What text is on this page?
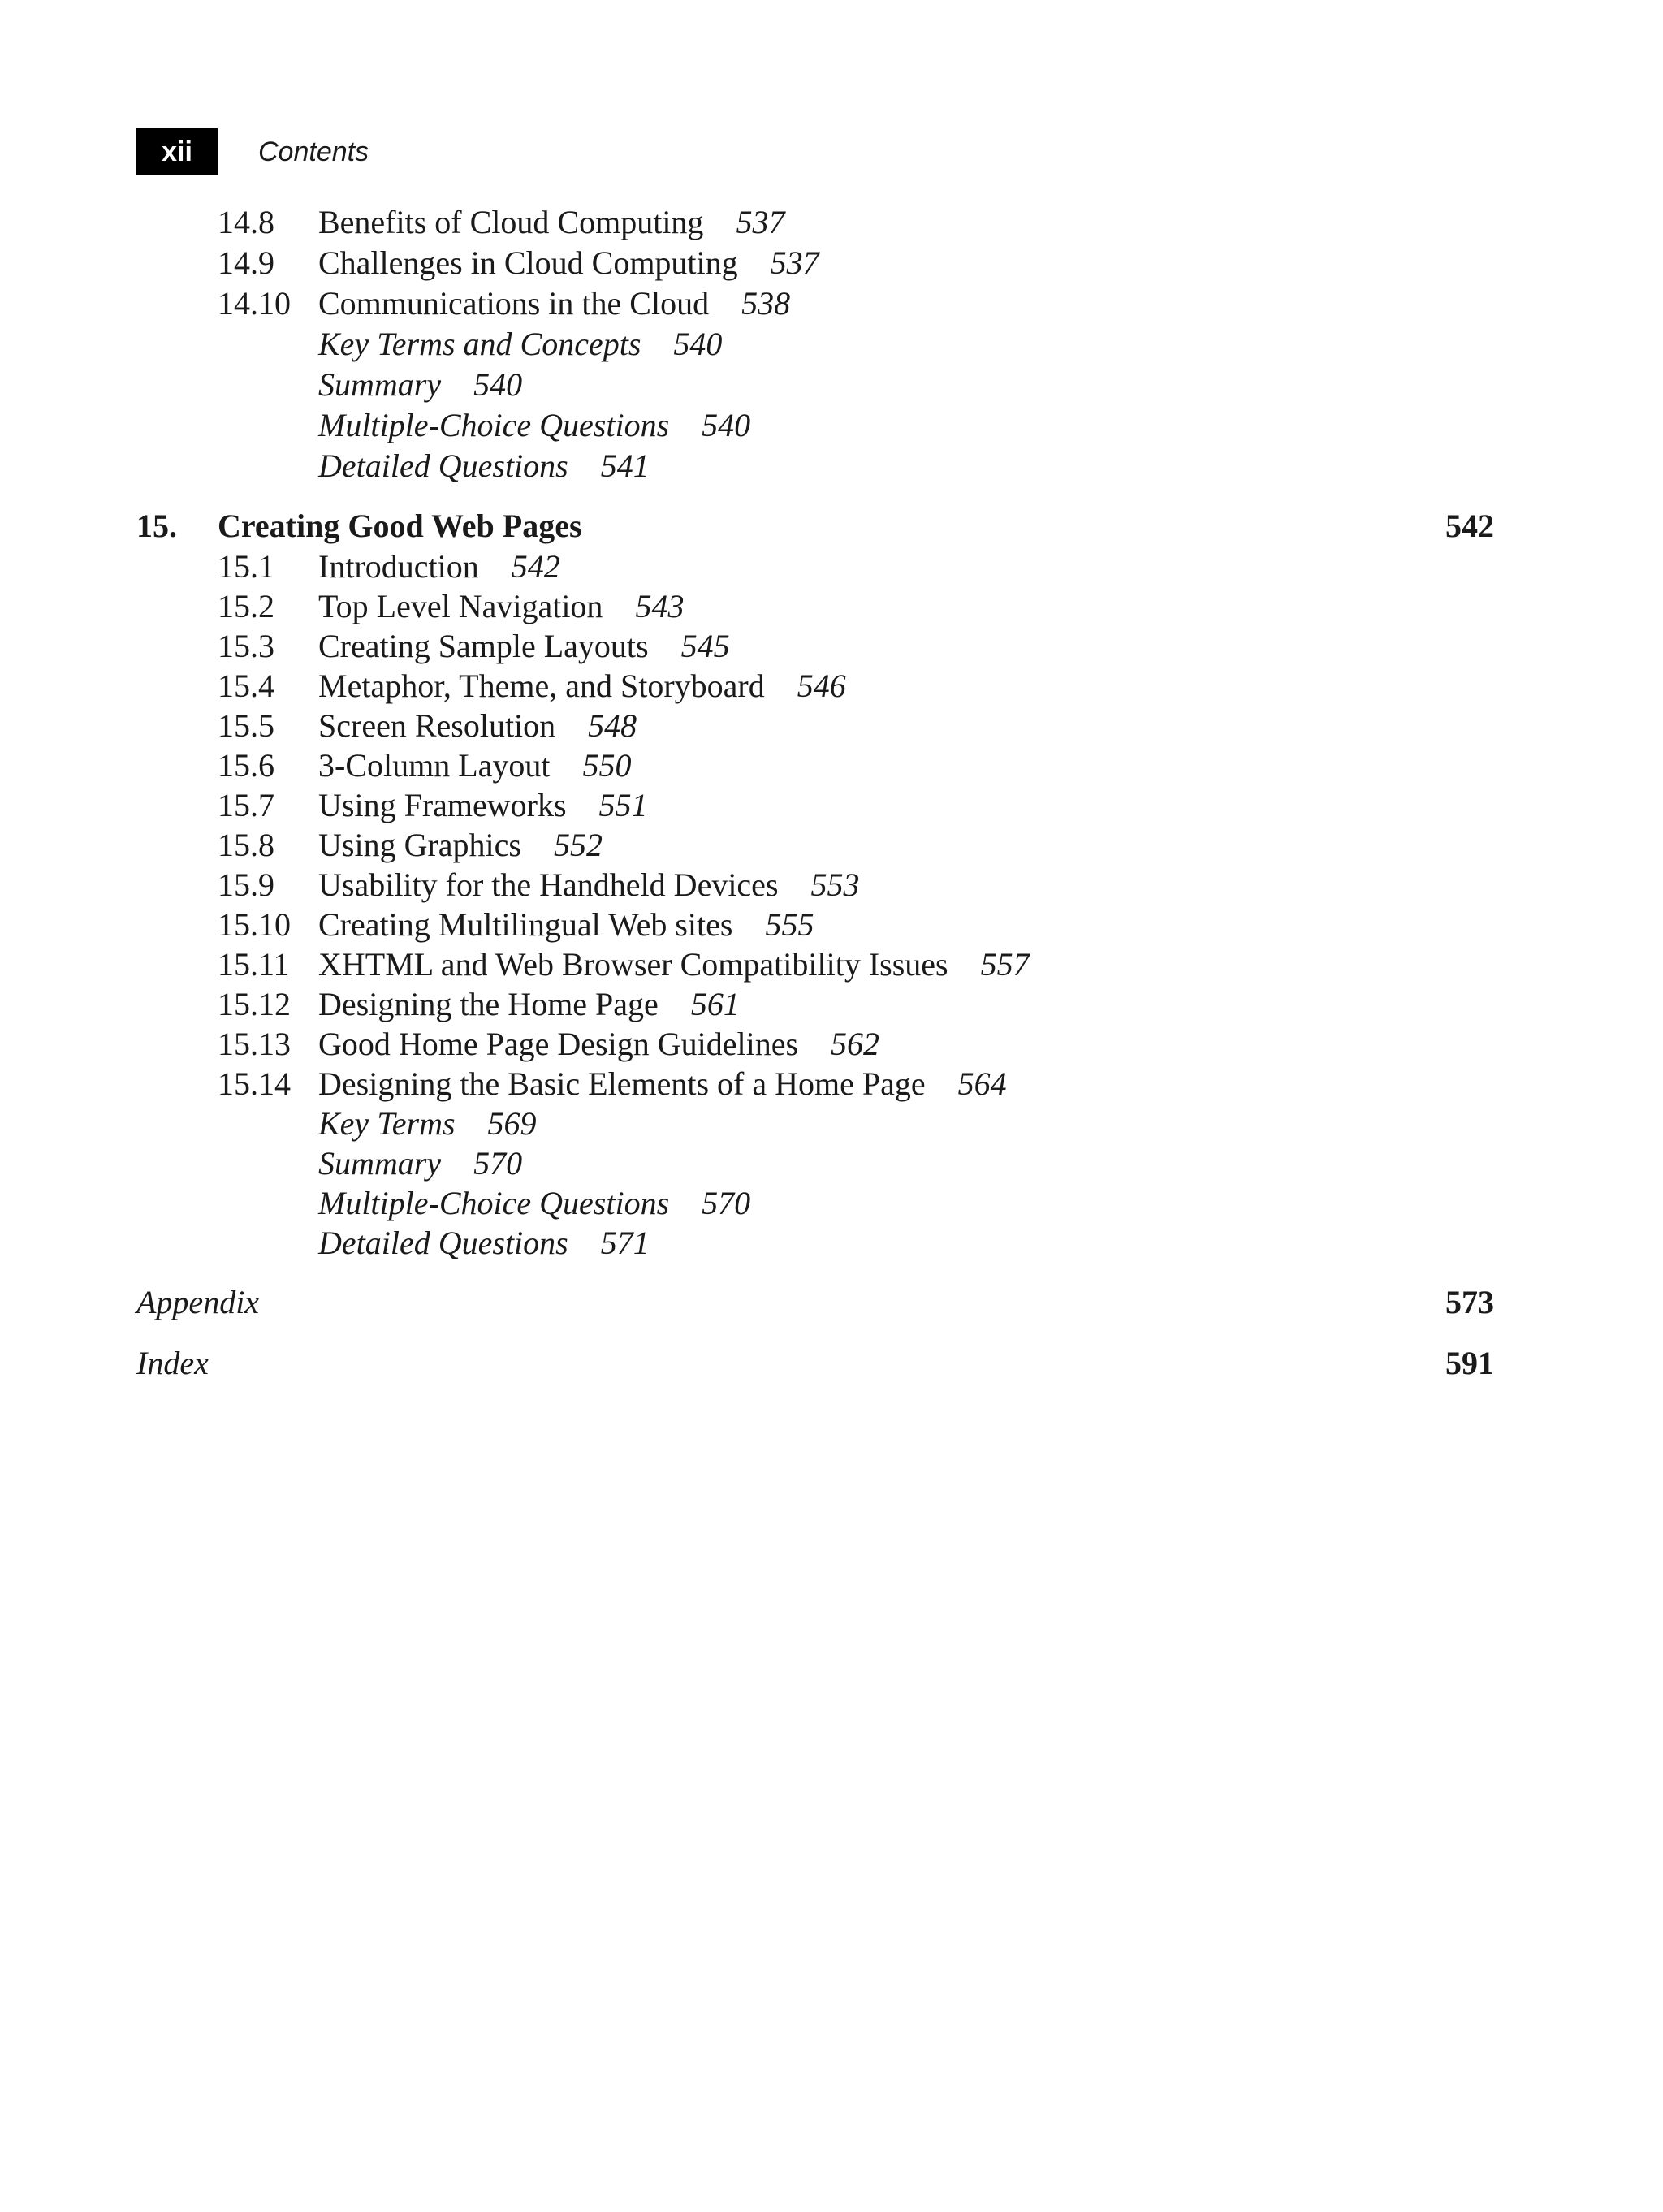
xii	Contents
14.8 Benefits of Cloud Computing 537
14.9 Challenges in Cloud Computing 537
14.10 Communications in the Cloud 538
Key Terms and Concepts 540
Summary 540
Multiple-Choice Questions 540
Detailed Questions 541
15. Creating Good Web Pages	542
15.1 Introduction 542
15.2 Top Level Navigation 543
15.3 Creating Sample Layouts 545
15.4 Metaphor, Theme, and Storyboard 546
15.5 Screen Resolution 548
15.6 3-Column Layout 550
15.7 Using Frameworks 551
15.8 Using Graphics 552
15.9 Usability for the Handheld Devices 553
15.10 Creating Multilingual Web sites 555
15.11 XHTML and Web Browser Compatibility Issues 557
15.12 Designing the Home Page 561
15.13 Good Home Page Design Guidelines 562
15.14 Designing the Basic Elements of a Home Page 564
Key Terms 569
Summary 570
Multiple-Choice Questions 570
Detailed Questions 571
Appendix	573
Index	591
